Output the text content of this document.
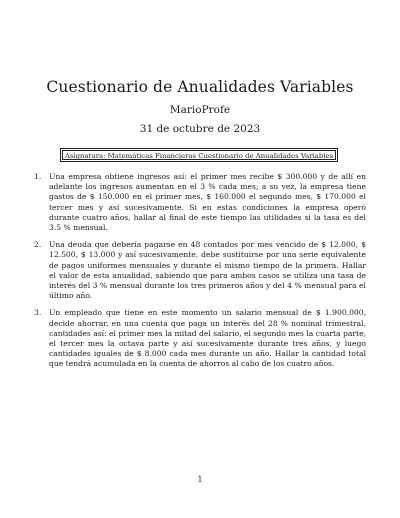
Cuestionario de Anualidades Variables
MarioProfe
31 de octubre de 2023
Asignatura: Matemáticas Financieras Cuestionario de Anualidades Variables
1. Una empresa obtiene ingresos así: el primer mes recibe $ 300.000 y de allí en adelante los ingresos aumentan en el 3 % cada mes; a su vez, la empresa tiene gastos de $ 150.000 en el primer mes, $ 160.000 el segundo mes, $ 170.000 el tercer mes y así sucesivamente. Si en estas condiciones la empresa operó durante cuatro años, hallar al final de este tiempo las utilidades si la tasa es del 3.5 % mensual.
2. Una deuda que debería pagarse en 48 contados por mes vencido de $ 12.000, $ 12.500, $ 13.000 y así sucesivamente, debe sustituirse por una serie equivalente de pagos uniformes mensuales y durante el mismo tiempo de la primera. Hallar el valor de esta anualidad, sabiendo que para ambos casos se utiliza una tasa de interés del 3 % mensual durante los tres primeros años y del 4 % mensual para el último año.
3. Un empleado que tiene en este momento un salario mensual de $ 1.900.000, decide ahorrar, en una cuenta que paga un interés del 28 % nominal trimestral, cantidades así: el primer mes la mitad del salario, el segundo mes la cuarta parte, el tercer mes la octava parte y así sucesivamente durante tres años, y luego cantidades iguales de $ 8.000 cada mes durante un año. Hallar la cantidad total que tendrá acumulada en la cuenta de ahorros al cabo de los cuatro años.
1
